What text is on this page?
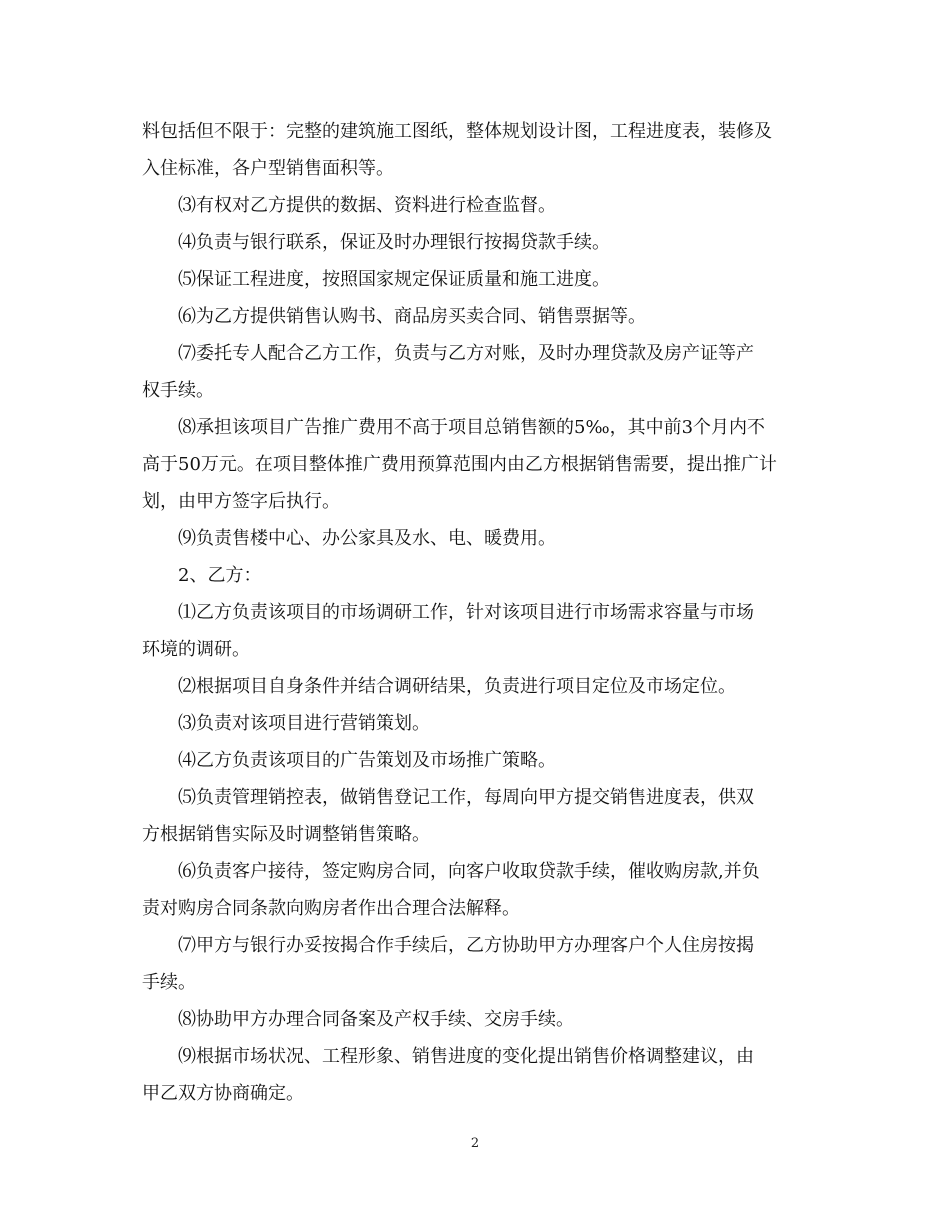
料包括但不限于：完整的建筑施工图纸，整体规划设计图，工程进度表，装修及
入住标准，各户型销售面积等。
⑶有权对乙方提供的数据、资料进行检查监督。
⑷负责与银行联系，保证及时办理银行按揭贷款手续。
⑸保证工程进度，按照国家规定保证质量和施工进度。
⑹为乙方提供销售认购书、商品房买卖合同、销售票据等。
⑺委托专人配合乙方工作，负责与乙方对账，及时办理贷款及房产证等产
权手续。
⑻承担该项目广告推广费用不高于项目总销售额的5‰，其中前3个月内不
高于50万元。在项目整体推广费用预算范围内由乙方根据销售需要，提出推广计
划，由甲方签字后执行。
⑼负责售楼中心、办公家具及水、电、暖费用。
2、乙方：
⑴乙方负责该项目的市场调研工作，针对该项目进行市场需求容量与市场
环境的调研。
⑵根据项目自身条件并结合调研结果，负责进行项目定位及市场定位。
⑶负责对该项目进行营销策划。
⑷乙方负责该项目的广告策划及市场推广策略。
⑸负责管理销控表，做销售登记工作，每周向甲方提交销售进度表，供双
方根据销售实际及时调整销售策略。
⑹负责客户接待，签定购房合同，向客户收取贷款手续，催收购房款,并负
责对购房合同条款向购房者作出合理合法解释。
⑺甲方与银行办妥按揭合作手续后，乙方协助甲方办理客户个人住房按揭
手续。
⑻协助甲方办理合同备案及产权手续、交房手续。
⑼根据市场状况、工程形象、销售进度的变化提出销售价格调整建议，由
甲乙双方协商确定。
2
